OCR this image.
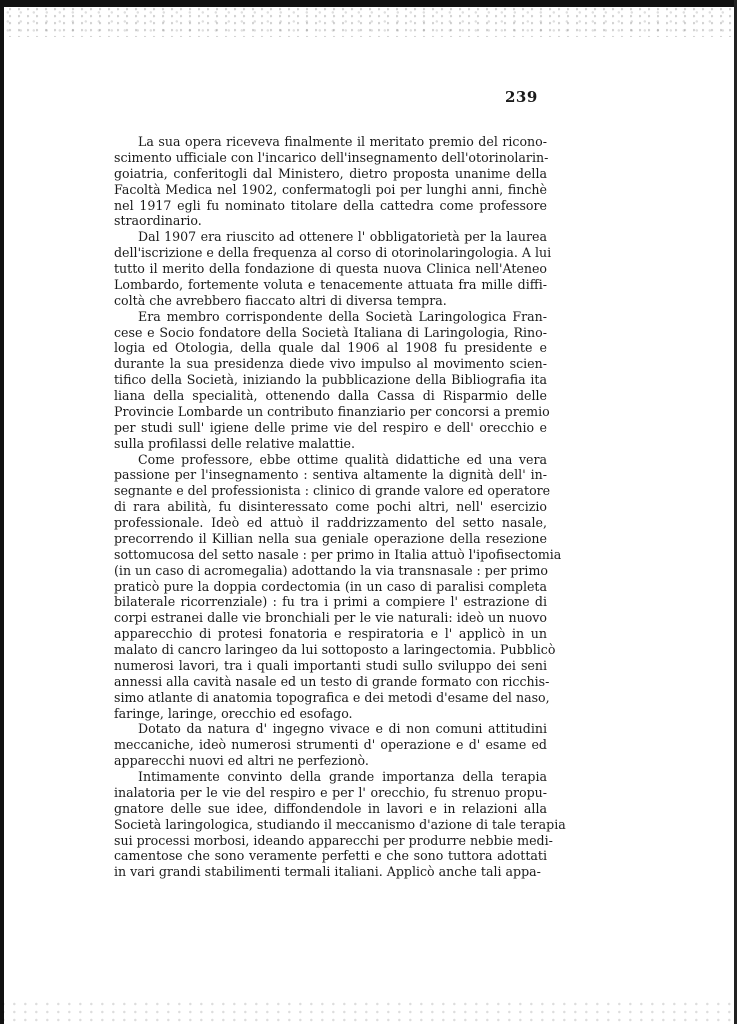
239
La sua opera riceveva finalmente il meritato premio del ricono-
scimento ufficiale con l'incarico dell'insegnamento dell'otorinolarin-
goiatria, conferitogli dal Ministero, dietro proposta unanime della
Facoltà Medica nel 1902, confermatogli poi per lunghi anni, finchè
nel 1917 egli fu nominato titolare della cattedra come professore
straordinario.
Dal 1907 era riuscito ad ottenere l' obbligatorietà per la laurea
dell'iscrizione e della frequenza al corso di otorinolaringologia. A lui
tutto il merito della fondazione di questa nuova Clinica nell'Ateneo
Lombardo, fortemente voluta e tenacemente attuata fra mille diffi-
coltà che avrebbero fiaccato altri di diversa tempra.
Era membro corrispondente della Società Laringologica Fran-
cese e Socio fondatore della Società Italiana di Laringologia, Rino-
logia ed Otologia, della quale dal 1906 al 1908 fu presidente e
durante la sua presidenza diede vivo impulso al movimento scien-
tifico della Società, iniziando la pubblicazione della Bibliografia ita
liana della specialità, ottenendo dalla Cassa di Risparmio delle
Provincie Lombarde un contributo finanziario per concorsi a premio
per studi sull' igiene delle prime vie del respiro e dell' orecchio e
sulla profilassi delle relative malattie.
Come professore, ebbe ottime qualità didattiche ed una vera
passione per l'insegnamento : sentiva altamente la dignità dell' in-
segnante e del professionista : clinico di grande valore ed operatore
di rara abilità, fu disinteressato come pochi altri, nell' esercizio
professionale. Ideò ed attuò il raddrizzamento del setto nasale,
precorrendo il Killian nella sua geniale operazione della resezione
sottomucosa del setto nasale : per primo in Italia attuò l'ipofisectomia
(in un caso di acromegalia) adottando la via transnasale : per primo
praticò pure la doppia cordectomia (in un caso di paralisi completa
bilaterale ricorrenziale) : fu tra i primi a compiere l' estrazione di
corpi estranei dalle vie bronchiali per le vie naturali: ideò un nuovo
apparecchio di protesi fonatoria e respiratoria e l' applicò in un
malato di cancro laringeo da lui sottoposto a laringectomia. Pubblicò
numerosi lavori, tra i quali importanti studi sullo sviluppo dei seni
annessi alla cavità nasale ed un testo di grande formato con ricchis-
simo atlante di anatomia topografica e dei metodi d'esame del naso,
faringe, laringe, orecchio ed esofago.
Dotato da natura d' ingegno vivace e di non comuni attitudini
meccaniche, ideò numerosi strumenti d' operazione e d' esame ed
apparecchi nuovi ed altri ne perfezionò.
Intimamente convinto della grande importanza della terapia
inalatoria per le vie del respiro e per l' orecchio, fu strenuo propu-
gnatore delle sue idee, diffondendole in lavori e in relazioni alla
Società laringologica, studiando il meccanismo d'azione di tale terapia
sui processi morbosi, ideando apparecchi per produrre nebbie medi-
camentose che sono veramente perfetti e che sono tuttora adottati
in vari grandi stabilimenti termali italiani. Applicò anche tali appa-
